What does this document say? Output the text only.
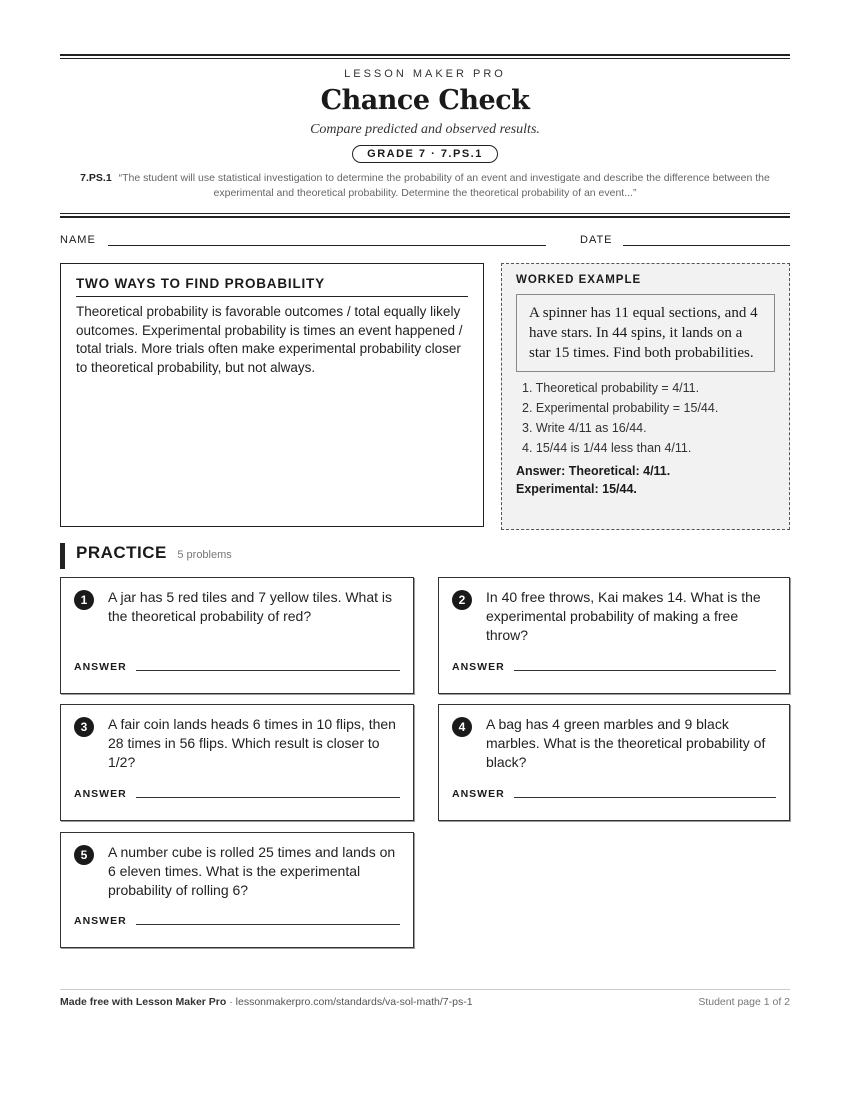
LESSON MAKER PRO
Chance Check
Compare predicted and observed results.
GRADE 7 · 7.PS.1
7.PS.1 “The student will use statistical investigation to determine the probability of an event and investigate and describe the difference between the experimental and theoretical probability. Determine the theoretical probability of an event...”
NAME	DATE
TWO WAYS TO FIND PROBABILITY
Theoretical probability is favorable outcomes / total equally likely outcomes. Experimental probability is times an event happened / total trials. More trials often make experimental probability closer to theoretical probability, but not always.
WORKED EXAMPLE
A spinner has 11 equal sections, and 4 have stars. In 44 spins, it lands on a star 15 times. Find both probabilities.
1. Theoretical probability = 4/11.
2. Experimental probability = 15/44.
3. Write 4/11 as 16/44.
4. 15/44 is 1/44 less than 4/11.
Answer: Theoretical: 4/11.
Experimental: 15/44.
PRACTICE 5 problems
1	A jar has 5 red tiles and 7 yellow tiles. What is the theoretical probability of red?
ANSWER
2	In 40 free throws, Kai makes 14. What is the experimental probability of making a free throw?
ANSWER
3	A fair coin lands heads 6 times in 10 flips, then 28 times in 56 flips. Which result is closer to 1/2?
ANSWER
4	A bag has 4 green marbles and 9 black marbles. What is the theoretical probability of black?
ANSWER
5	A number cube is rolled 25 times and lands on 6 eleven times. What is the experimental probability of rolling 6?
ANSWER
Made free with Lesson Maker Pro · lessonmakerpro.com/standards/va-sol-math/7-ps-1	Student page 1 of 2
